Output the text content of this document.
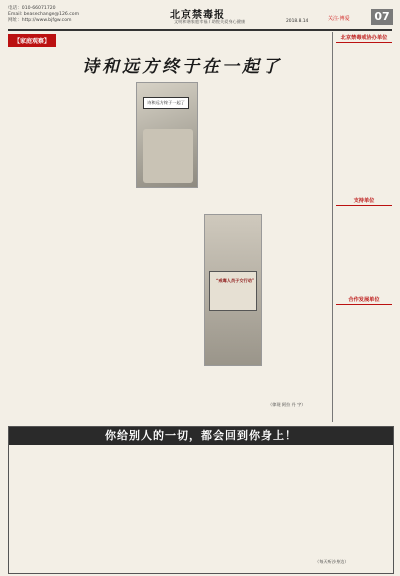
电话：010-66071720
Email: beasechange@126.com
网址：http://www.bjfgw.com	北京禁毒报
文明和谐家庭幸福 / 助悦关爱身心健康	2018.8.14	关注·博爱	07
【家庭观察】
诗和远方终于在一起了
诗和远方终于一起了
“戒毒人员子女行动”
（律现 阿拉 丹 宇）
北京禁毒戒协办单位
支持单位
合作发展单位
你给别人的一切，都会回到你身上！
（每天听沙身边）
